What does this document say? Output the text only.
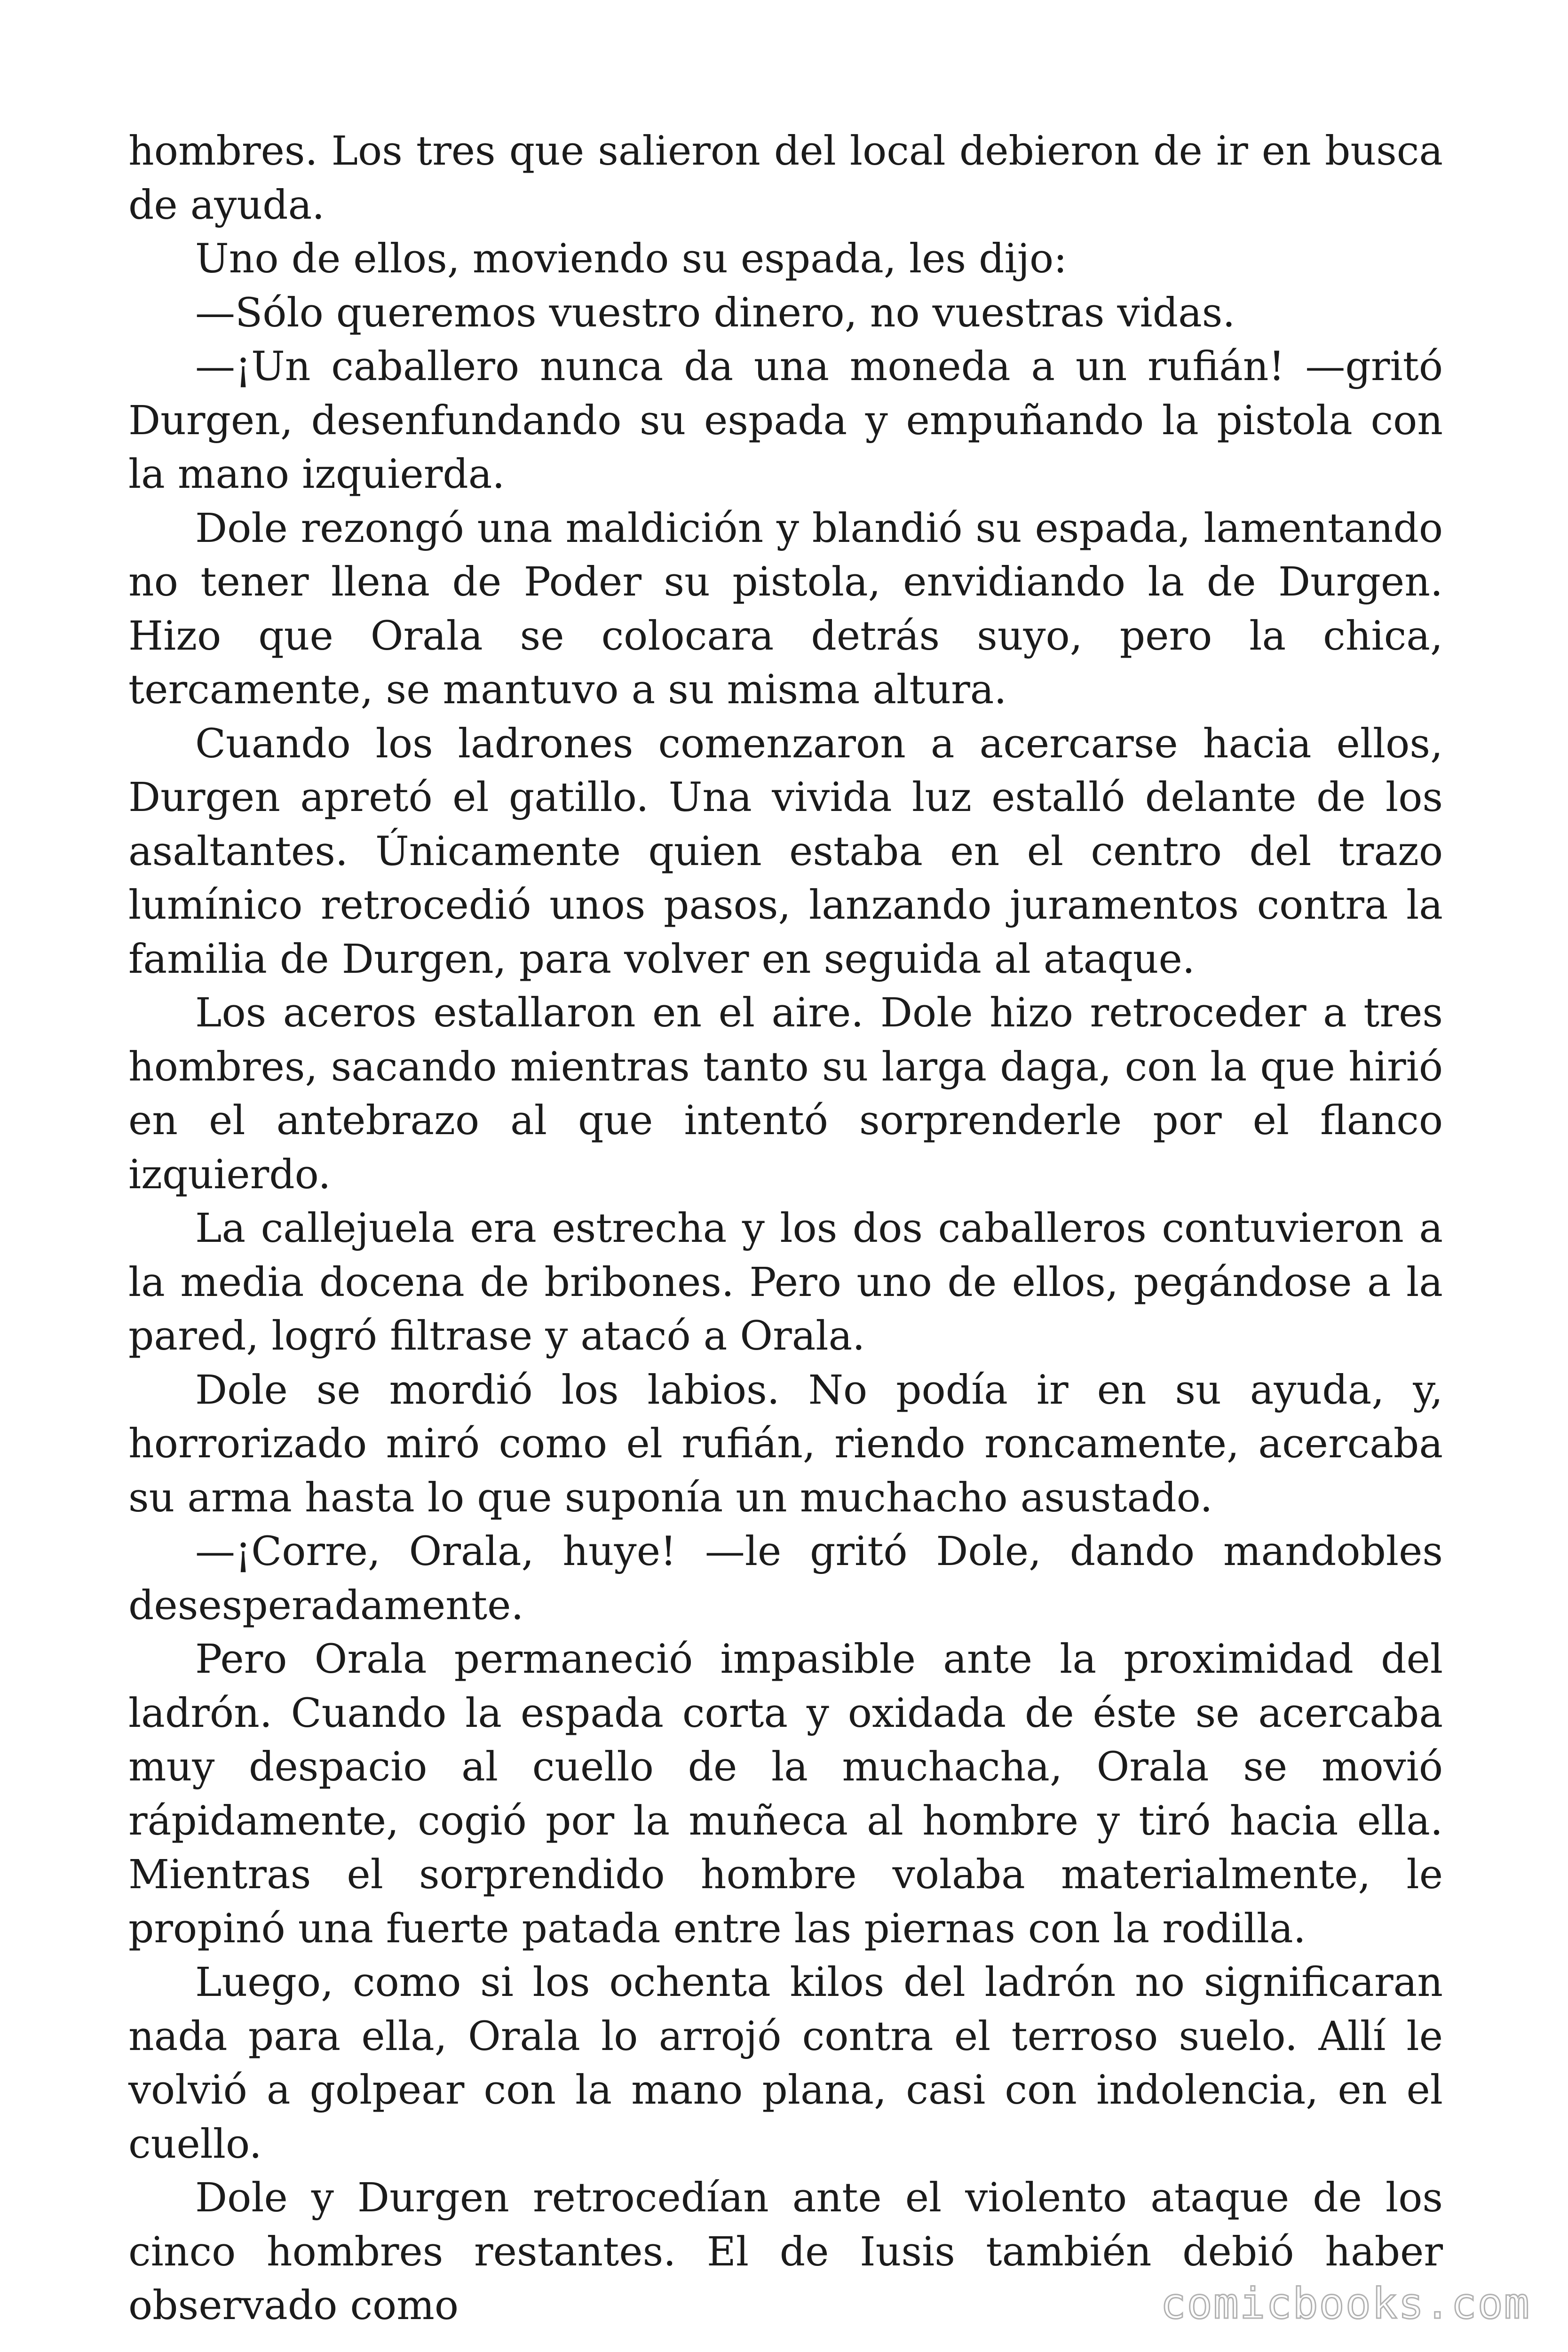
hombres. Los tres que salieron del local debieron de ir en busca de ayuda.

Uno de ellos, moviendo su espada, les dijo:

—Sólo queremos vuestro dinero, no vuestras vidas.

—¡Un caballero nunca da una moneda a un rufián! —gritó Durgen, desenfundando su espada y empuñando la pistola con la mano izquierda.

Dole rezongó una maldición y blandió su espada, lamentando no tener llena de Poder su pistola, envidiando la de Durgen. Hizo que Orala se colocara detrás suyo, pero la chica, tercamente, se mantuvo a su misma altura.

Cuando los ladrones comenzaron a acercarse hacia ellos, Durgen apretó el gatillo. Una vivida luz estalló delante de los asaltantes. Únicamente quien estaba en el centro del trazo lumínico retrocedió unos pasos, lanzando juramentos contra la familia de Durgen, para volver en seguida al ataque.

Los aceros estallaron en el aire. Dole hizo retroceder a tres hombres, sacando mientras tanto su larga daga, con la que hirió en el antebrazo al que intentó sorprenderle por el flanco izquierdo.

La callejuela era estrecha y los dos caballeros contuvieron a la media docena de bribones. Pero uno de ellos, pegándose a la pared, logró filtrase y atacó a Orala.

Dole se mordió los labios. No podía ir en su ayuda, y, horrorizado miró como el rufián, riendo roncamente, acercaba su arma hasta lo que suponía un muchacho asustado.

—¡Corre, Orala, huye! —le gritó Dole, dando mandobles desesperadamente.

Pero Orala permaneció impasible ante la proximidad del ladrón. Cuando la espada corta y oxidada de éste se acercaba muy despacio al cuello de la muchacha, Orala se movió rápidamente, cogió por la muñeca al hombre y tiró hacia ella. Mientras el sorprendido hombre volaba materialmente, le propinó una fuerte patada entre las piernas con la rodilla.

Luego, como si los ochenta kilos del ladrón no significaran nada para ella, Orala lo arrojó contra el terroso suelo. Allí le volvió a golpear con la mano plana, casi con indolencia, en el cuello.

Dole y Durgen retrocedían ante el violento ataque de los cinco hombres restantes. El de Iusis también debió haber observado como	comicbooks.com
